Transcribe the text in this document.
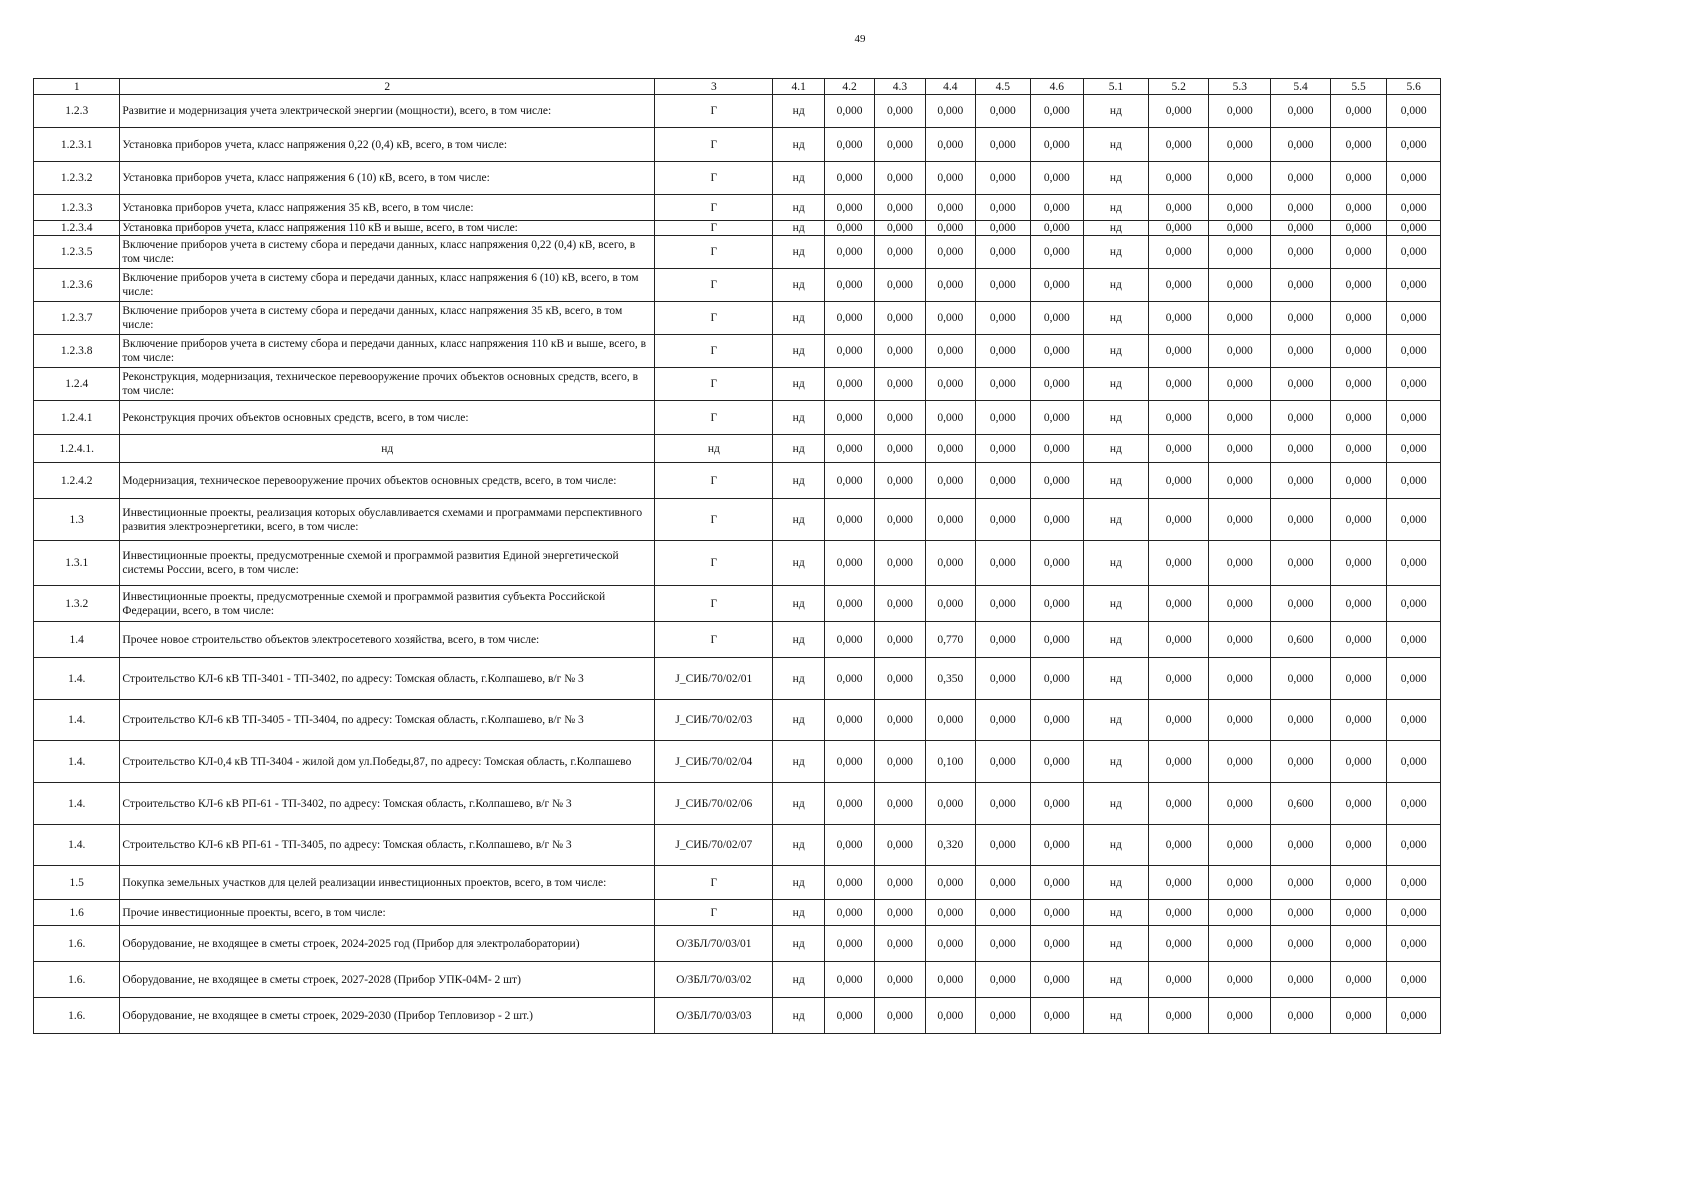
49
1	2	3	4.1	4.2	4.3	4.4	4.5	4.6	5.1	5.2	5.3	5.4	5.5	5.6
1.2.3	Развитие и модернизация учета электрической энергии (мощности), всего, в том числе:	Г	нд	0,000	0,000	0,000	0,000	0,000	нд	0,000	0,000	0,000	0,000	0,000
1.2.3.1	Установка приборов учета, класс напряжения 0,22 (0,4) кВ, всего, в том числе:	Г	нд	0,000	0,000	0,000	0,000	0,000	нд	0,000	0,000	0,000	0,000	0,000
1.2.3.2	Установка приборов учета, класс напряжения 6 (10) кВ, всего, в том числе:	Г	нд	0,000	0,000	0,000	0,000	0,000	нд	0,000	0,000	0,000	0,000	0,000
1.2.3.3	Установка приборов учета, класс напряжения 35 кВ, всего, в том числе:	Г	нд	0,000	0,000	0,000	0,000	0,000	нд	0,000	0,000	0,000	0,000	0,000
1.2.3.4	Установка приборов учета, класс напряжения 110 кВ и выше, всего, в том числе:	Г	нд	0,000	0,000	0,000	0,000	0,000	нд	0,000	0,000	0,000	0,000	0,000
1.2.3.5	Включение приборов учета в систему сбора и передачи данных, класс напряжения 0,22 (0,4) кВ, всего, в том числе:	Г	нд	0,000	0,000	0,000	0,000	0,000	нд	0,000	0,000	0,000	0,000	0,000
1.2.3.6	Включение приборов учета в систему сбора и передачи данных, класс напряжения 6 (10) кВ, всего, в том числе:	Г	нд	0,000	0,000	0,000	0,000	0,000	нд	0,000	0,000	0,000	0,000	0,000
1.2.3.7	Включение приборов учета в систему сбора и передачи данных, класс напряжения 35 кВ, всего, в том числе:	Г	нд	0,000	0,000	0,000	0,000	0,000	нд	0,000	0,000	0,000	0,000	0,000
1.2.3.8	Включение приборов учета в систему сбора и передачи данных, класс напряжения 110 кВ и выше, всего, в том числе:	Г	нд	0,000	0,000	0,000	0,000	0,000	нд	0,000	0,000	0,000	0,000	0,000
1.2.4	Реконструкция, модернизация, техническое перевооружение прочих объектов основных средств, всего, в том числе:	Г	нд	0,000	0,000	0,000	0,000	0,000	нд	0,000	0,000	0,000	0,000	0,000
1.2.4.1	Реконструкция прочих объектов основных средств, всего, в том числе:	Г	нд	0,000	0,000	0,000	0,000	0,000	нд	0,000	0,000	0,000	0,000	0,000
1.2.4.1.	нд	нд	нд	0,000	0,000	0,000	0,000	0,000	нд	0,000	0,000	0,000	0,000	0,000
1.2.4.2	Модернизация, техническое перевооружение прочих объектов основных средств, всего, в том числе:	Г	нд	0,000	0,000	0,000	0,000	0,000	нд	0,000	0,000	0,000	0,000	0,000
1.3	Инвестиционные проекты, реализация которых обуславливается схемами и программами перспективного развития электроэнергетики, всего, в том числе:	Г	нд	0,000	0,000	0,000	0,000	0,000	нд	0,000	0,000	0,000	0,000	0,000
1.3.1	Инвестиционные проекты, предусмотренные схемой и программой развития Единой энергетической системы России, всего, в том числе:	Г	нд	0,000	0,000	0,000	0,000	0,000	нд	0,000	0,000	0,000	0,000	0,000
1.3.2	Инвестиционные проекты, предусмотренные схемой и программой развития субъекта Российской Федерации, всего, в том числе:	Г	нд	0,000	0,000	0,000	0,000	0,000	нд	0,000	0,000	0,000	0,000	0,000
1.4	Прочее новое строительство объектов электросетевого хозяйства, всего, в том числе:	Г	нд	0,000	0,000	0,770	0,000	0,000	нд	0,000	0,000	0,600	0,000	0,000
1.4.	Строительство КЛ-6 кВ ТП-3401 - ТП-3402, по адресу: Томская область, г.Колпашево, в/г № 3	J_СИБ/70/02/01	нд	0,000	0,000	0,350	0,000	0,000	нд	0,000	0,000	0,000	0,000	0,000
1.4.	Строительство КЛ-6 кВ ТП-3405 - ТП-3404, по адресу: Томская область, г.Колпашево, в/г № 3	J_СИБ/70/02/03	нд	0,000	0,000	0,000	0,000	0,000	нд	0,000	0,000	0,000	0,000	0,000
1.4.	Строительство КЛ-0,4 кВ ТП-3404 - жилой дом ул.Победы,87, по адресу: Томская область, г.Колпашево	J_СИБ/70/02/04	нд	0,000	0,000	0,100	0,000	0,000	нд	0,000	0,000	0,000	0,000	0,000
1.4.	Строительство КЛ-6 кВ РП-61 - ТП-3402, по адресу: Томская область, г.Колпашево, в/г № 3	J_СИБ/70/02/06	нд	0,000	0,000	0,000	0,000	0,000	нд	0,000	0,000	0,600	0,000	0,000
1.4.	Строительство КЛ-6 кВ РП-61 - ТП-3405, по адресу: Томская область, г.Колпашево, в/г № 3	J_СИБ/70/02/07	нд	0,000	0,000	0,320	0,000	0,000	нд	0,000	0,000	0,000	0,000	0,000
1.5	Покупка земельных участков для целей реализации инвестиционных проектов, всего, в том числе:	Г	нд	0,000	0,000	0,000	0,000	0,000	нд	0,000	0,000	0,000	0,000	0,000
1.6	Прочие инвестиционные проекты, всего, в том числе:	Г	нд	0,000	0,000	0,000	0,000	0,000	нд	0,000	0,000	0,000	0,000	0,000
1.6.	Оборудование, не входящее в сметы строек, 2024-2025 год (Прибор для электролаборатории)	О/ЗБЛ/70/03/01	нд	0,000	0,000	0,000	0,000	0,000	нд	0,000	0,000	0,000	0,000	0,000
1.6.	Оборудование, не входящее в сметы строек, 2027-2028 (Прибор УПК-04М- 2 шт)	О/ЗБЛ/70/03/02	нд	0,000	0,000	0,000	0,000	0,000	нд	0,000	0,000	0,000	0,000	0,000
1.6.	Оборудование, не входящее в сметы строек, 2029-2030 (Прибор Тепловизор - 2 шт.)	О/ЗБЛ/70/03/03	нд	0,000	0,000	0,000	0,000	0,000	нд	0,000	0,000	0,000	0,000	0,000
